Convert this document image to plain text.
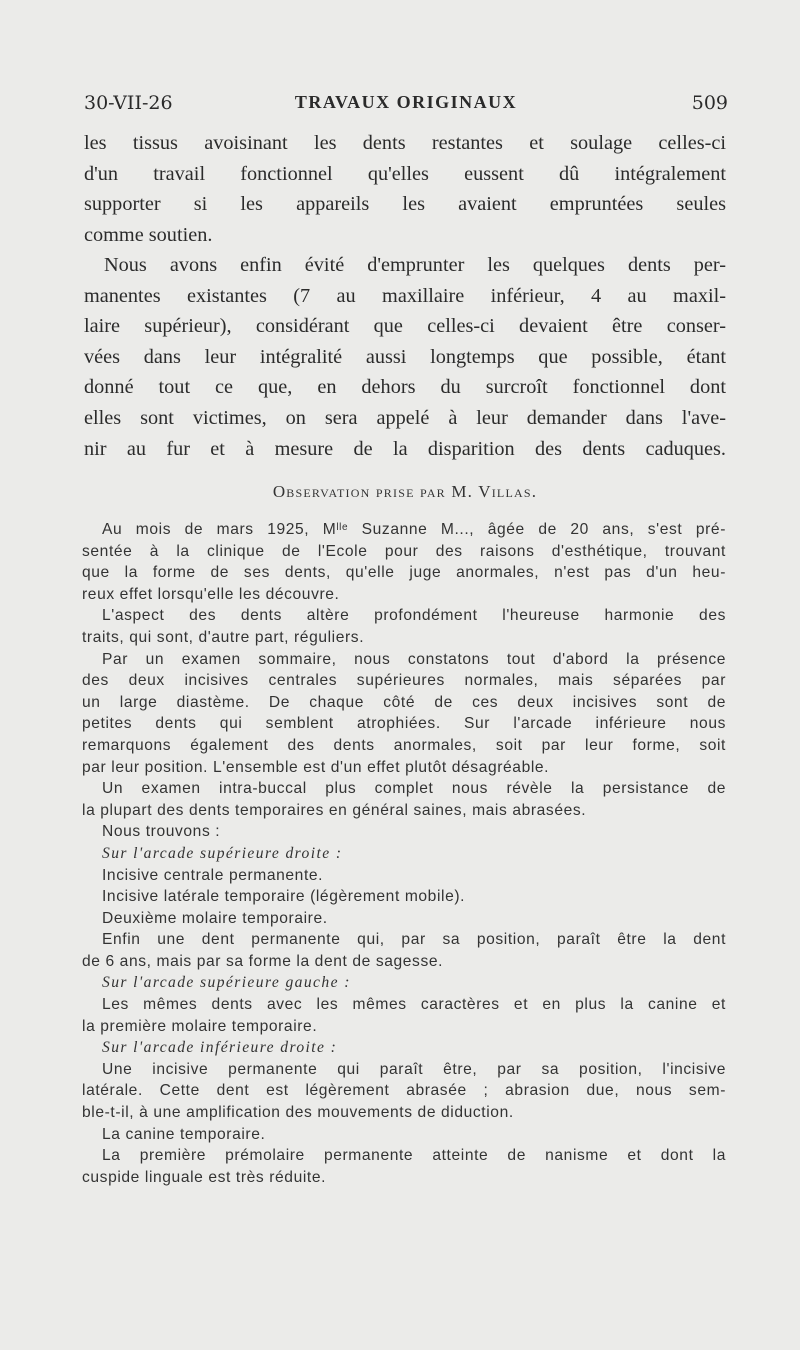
30-VII-26	TRAVAUX ORIGINAUX	509

les tissus avoisinant les dents restantes et soulage celles-ci

d'un travail fonctionnel qu'elles eussent dû intégralement

supporter si les appareils les avaient empruntées seules

comme soutien.

Nous avons enfin évité d'emprunter les quelques dents per-

manentes existantes (7 au maxillaire inférieur, 4 au maxil-

laire supérieur), considérant que celles-ci devaient être conser-

vées dans leur intégralité aussi longtemps que possible, étant

donné tout ce que, en dehors du surcroît fonctionnel dont

elles sont victimes, on sera appelé à leur demander dans l'ave-

nir au fur et à mesure de la disparition des dents caduques.

Observation prise par M. Villas.
Au mois de mars 1925, $M^{lle}$ Suzanne M..., âgée de 20 ans, s'est pré-
sentée à la clinique de l'Ecole pour des raisons d'esthétique, trouvant
que la forme de ses dents, qu'elle juge anormales, n'est pas d'un heu-
reux effet lorsqu'elle les découvre.
L'aspect des dents altère profondément l'heureuse harmonie des
traits, qui sont, d'autre part, réguliers.
Par un examen sommaire, nous constatons tout d'abord la présence
des deux incisives centrales supérieures normales, mais séparées par
un large diastème. De chaque côté de ces deux incisives sont de
petites dents qui semblent atrophiées. Sur l'arcade inférieure nous
remarquons également des dents anormales, soit par leur forme, soit
par leur position. L'ensemble est d'un effet plutôt désagréable.
Un examen intra-buccal plus complet nous révèle la persistance de
la plupart des dents temporaires en général saines, mais abrasées.
Nous trouvons :
Sur l'arcade supérieure droite :
Incisive centrale permanente.
Incisive latérale temporaire (légèrement mobile).
Deuxième molaire temporaire.
Enfin une dent permanente qui, par sa position, paraît être la dent
de 6 ans, mais par sa forme la dent de sagesse.
Sur l'arcade supérieure gauche :
Les mêmes dents avec les mêmes caractères et en plus la canine et
la première molaire temporaire.
Sur l'arcade inférieure droite :
Une incisive permanente qui paraît être, par sa position, l'incisive
latérale. Cette dent est légèrement abrasée ; abrasion due, nous sem-
ble-t-il, à une amplification des mouvements de diduction.
La canine temporaire.
La première prémolaire permanente atteinte de nanisme et dont la
cuspide linguale est très réduite.
